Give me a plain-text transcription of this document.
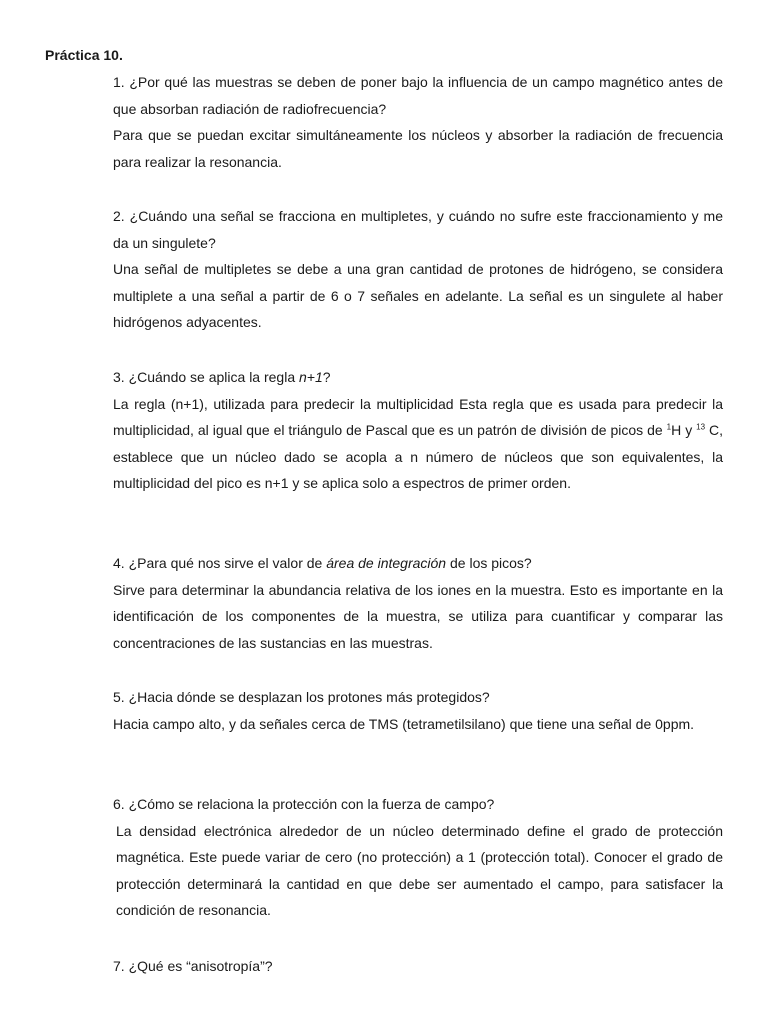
Práctica 10.

1. ¿Por qué las muestras se deben de poner bajo la influencia de un campo magnético antes de que absorban radiación de radiofrecuencia?

Para que se puedan excitar simultáneamente los núcleos y absorber la radiación de frecuencia para realizar la resonancia.

2. ¿Cuándo una señal se fracciona en multipletes, y cuándo no sufre este fraccionamiento y me da un singulete?

Una señal de multipletes se debe a una gran cantidad de protones de hidrógeno, se considera multiplete a una señal a partir de 6 o 7 señales en adelante. La señal es un singulete al haber hidrógenos adyacentes.

3. ¿Cuándo se aplica la regla n+1?

La regla (n+1), utilizada para predecir la multiplicidad Esta regla que es usada para predecir la multiplicidad, al igual que el triángulo de Pascal que es un patrón de división de picos de $^1$H y $^{13}$ C, establece que un núcleo dado se acopla a n número de núcleos que son equivalentes, la multiplicidad del pico es n+1 y se aplica solo a espectros de primer orden.

4. ¿Para qué nos sirve el valor de área de integración de los picos?

Sirve para determinar la abundancia relativa de los iones en la muestra. Esto es importante en la identificación de los componentes de la muestra, se utiliza para cuantificar y comparar las concentraciones de las sustancias en las muestras.

5. ¿Hacia dónde se desplazan los protones más protegidos?

Hacia campo alto, y da señales cerca de TMS (tetrametilsilano) que tiene una señal de 0ppm.

6. ¿Cómo se relaciona la protección con la fuerza de campo?

La densidad electrónica alrededor de un núcleo determinado define el grado de protección magnética. Este puede variar de cero (no protección) a 1 (protección total). Conocer el grado de protección determinará la cantidad en que debe ser aumentado el campo, para satisfacer la condición de resonancia.

7. ¿Qué es “anisotropía”?
